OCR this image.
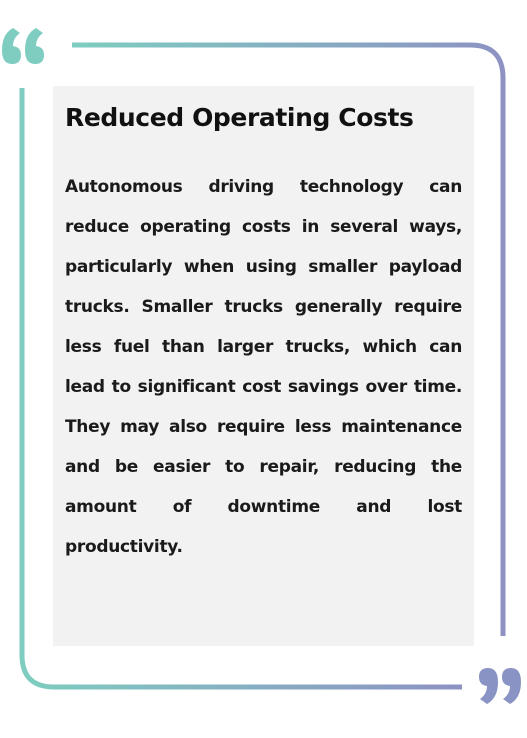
Reduced Operating Costs

Autonomous driving technology can reduce operating costs in several ways, particularly when using smaller payload trucks. Smaller trucks generally require less fuel than larger trucks, which can lead to significant cost savings over time. They may also require less maintenance and be easier to repair, reducing the amount of downtime and lost productivity.
